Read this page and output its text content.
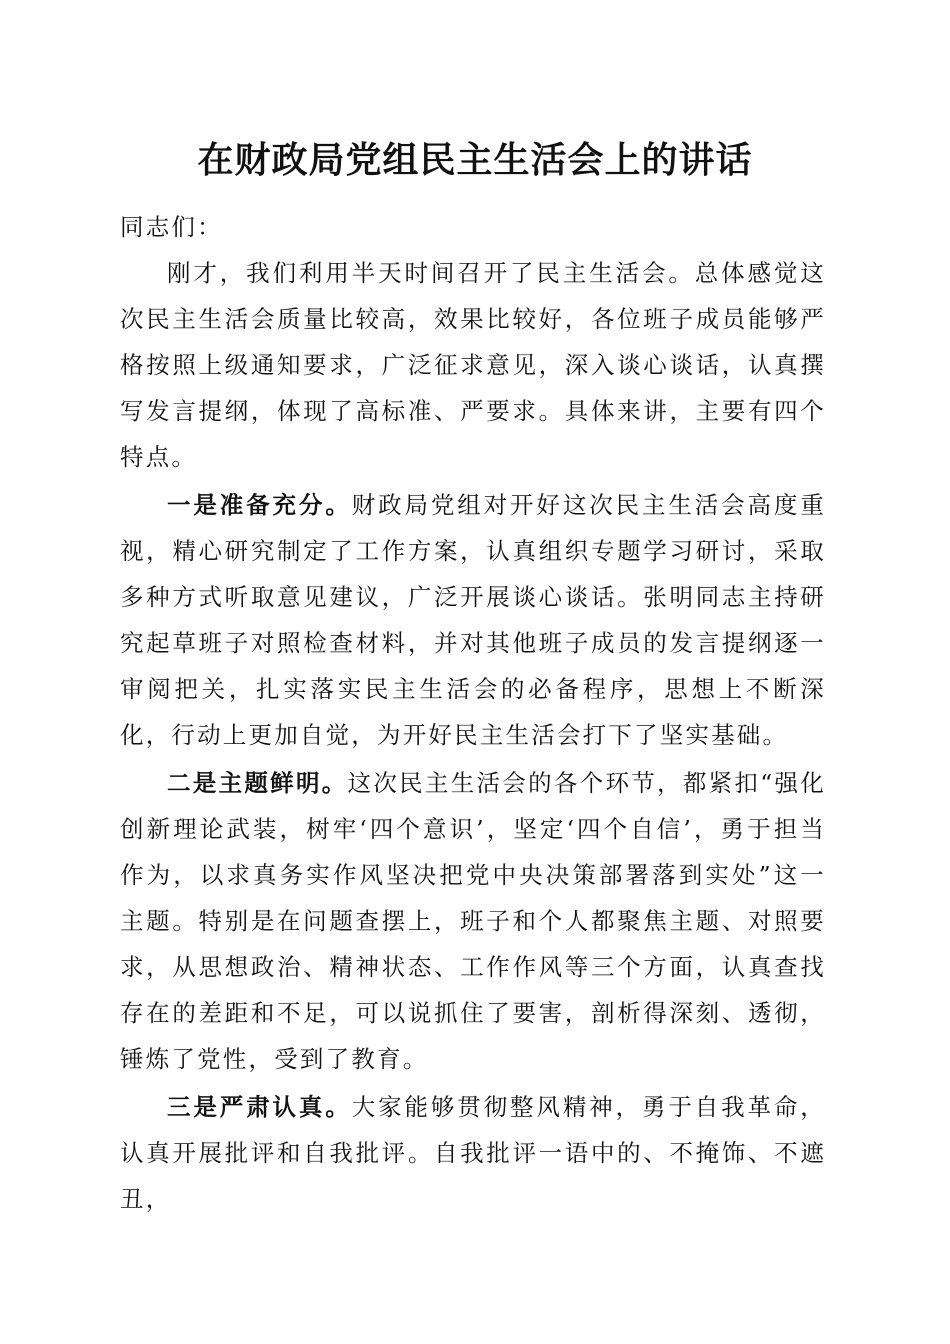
在财政局党组民主生活会上的讲话

同志们：

刚才，我们利用半天时间召开了民主生活会。总体感觉这次民主生活会质量比较高，效果比较好，各位班子成员能够严格按照上级通知要求，广泛征求意见，深入谈心谈话，认真撰写发言提纲，体现了高标准、严要求。具体来讲，主要有四个特点。

一是准备充分。财政局党组对开好这次民主生活会高度重视，精心研究制定了工作方案，认真组织专题学习研讨，采取多种方式听取意见建议，广泛开展谈心谈话。张明同志主持研究起草班子对照检查材料，并对其他班子成员的发言提纲逐一审阅把关，扎实落实民主生活会的必备程序，思想上不断深化，行动上更加自觉，为开好民主生活会打下了坚实基础。

二是主题鲜明。这次民主生活会的各个环节，都紧扣“强化创新理论武装，树牢‘四个意识’，坚定‘四个自信’，勇于担当作为，以求真务实作风坚决把党中央决策部署落到实处”这一主题。特别是在问题查摆上，班子和个人都聚焦主题、对照要求，从思想政治、精神状态、工作作风等三个方面，认真查找存在的差距和不足，可以说抓住了要害，剖析得深刻、透彻，锤炼了党性，受到了教育。

三是严肃认真。大家能够贯彻整风精神，勇于自我革命，认真开展批评和自我批评。自我批评一语中的、不掩饰、不遮丑，
